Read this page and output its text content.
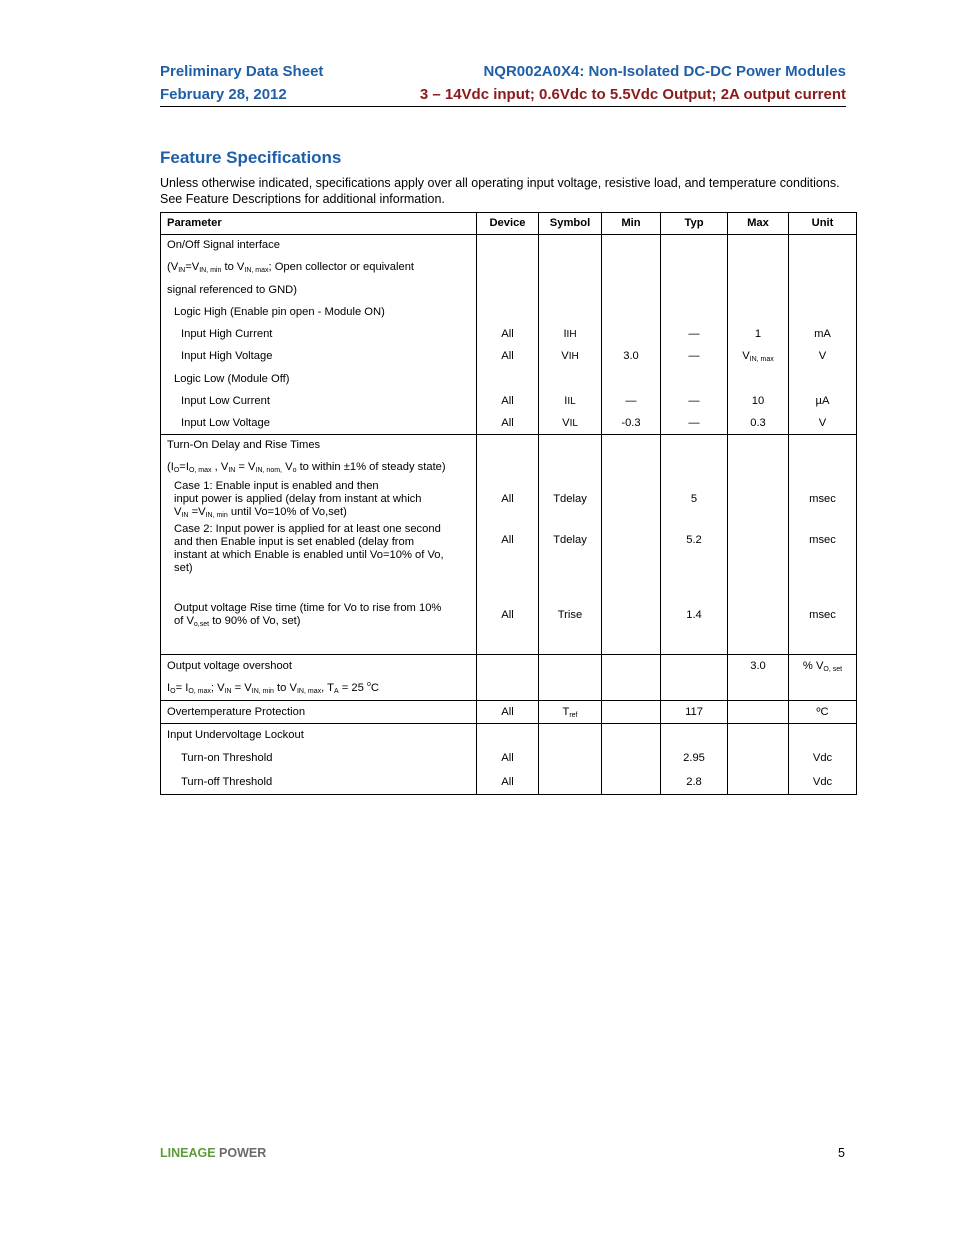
Preliminary Data Sheet
February 28, 2012
NQR002A0X4: Non-Isolated DC-DC Power Modules
3 – 14Vdc input; 0.6Vdc to 5.5Vdc Output; 2A output current
Feature Specifications
Unless otherwise indicated, specifications apply over all operating input voltage, resistive load, and temperature conditions. See Feature Descriptions for additional information.
Parameter	Device	Symbol	Min	Typ	Max	Unit
On/Off Signal interface						
($V_{IN}=V_{IN, min}$ to $V_{IN, max}$; Open collector or equivalent						
signal referenced to GND)						
Logic High (Enable pin open - Module ON)						
Input High Current	All	IIH		—	1	mA
Input High Voltage	All	VIH	3.0	—	$V_{IN, max}$	V
Logic Low (Module Off)						
Input Low Current	All	IIL	—	—	10	µA
Input Low Voltage	All	VIL	-0.3	—	0.3	V
Turn-On Delay and Rise Times						
($I_O=I_{O, max}$ , $V_{IN} = V_{IN, nom,}$ $V_o$ to within ±1% of steady state)						

Case 1: Enable input is enabled and then
input power is applied (delay from instant at which
$V_{IN} =V_{IN, min}$ until Vo=10% of Vo,set)	All	Tdelay		5		msec

Case 2: Input power is applied for at least one second
and then Enable input is set enabled (delay from
instant at which Enable is enabled until Vo=10% of Vo,
set)	All	Tdelay		5.2		msec

Output voltage Rise time (time for Vo to rise from 10%
of $V_{o,set}$ to 90% of Vo, set)	All	Trise		1.4		msec

Output voltage overshoot					3.0	% $V_{O, set}$
$I_O= I_{O, max}$; $V_{IN} = V_{IN, min}$ to $V_{IN, max}$, $T_A = 25$ $^o$C						
Overtemperature Protection	All	$T_{ref}$		117		ºC
Input Undervoltage Lockout						
Turn-on Threshold	All			2.95		Vdc
Turn-off Threshold	All			2.8		Vdc
LINEAGE POWER	5
